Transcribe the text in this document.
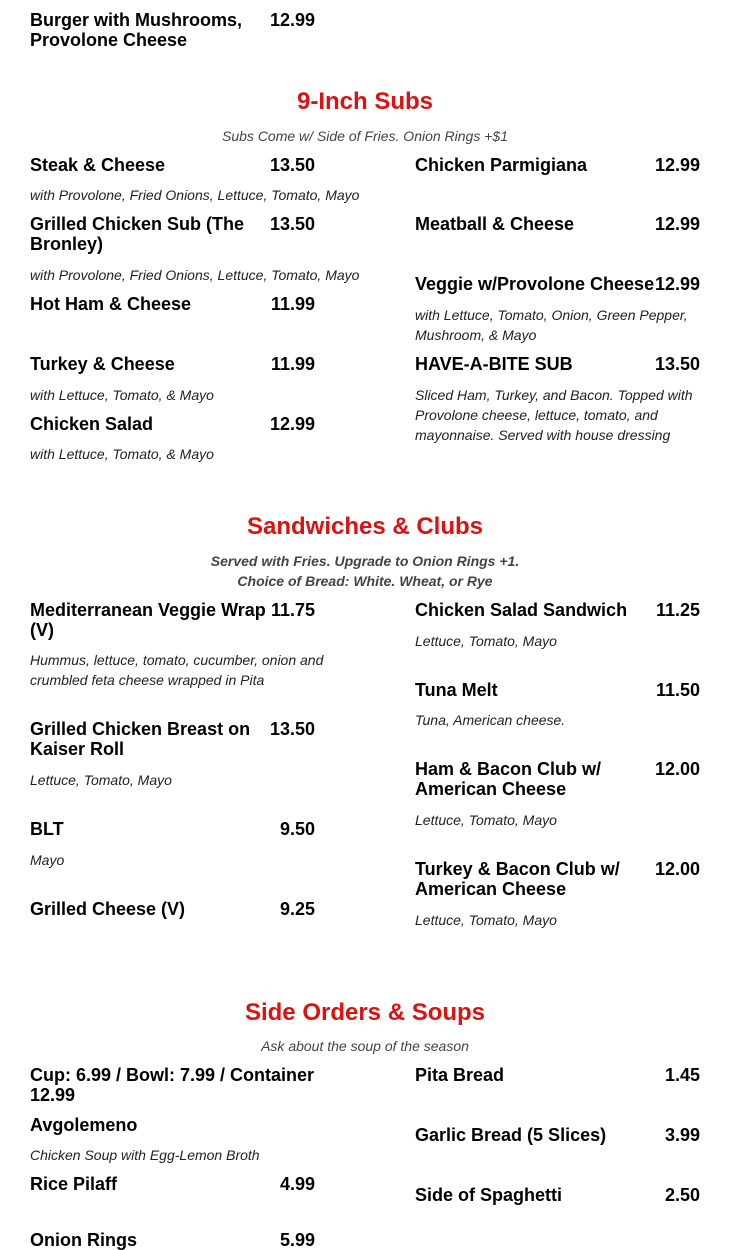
Burger with Mushrooms, Provolone Cheese
12.99
9-Inch Subs
Subs Come w/ Side of Fries. Onion Rings +$1
Steak & Cheese	13.50
with Provolone, Fried Onions, Lettuce, Tomato, Mayo
Grilled Chicken Sub (The Bronley)
13.50
with Provolone, Fried Onions, Lettuce, Tomato, Mayo
Hot Ham & Cheese	11.99
Turkey & Cheese	11.99
with Lettuce, Tomato, & Mayo
Chicken Salad	12.99
with Lettuce, Tomato, & Mayo
Chicken Parmigiana	12.99
Meatball & Cheese	12.99
Veggie w/Provolone Cheese 12.99
with Lettuce, Tomato, Onion, Green Pepper, Mushroom, & Mayo
HAVE-A-BITE SUB	13.50
Sliced Ham, Turkey, and Bacon. Topped with Provolone cheese, lettuce, tomato, and mayonnaise. Served with house dressing
Sandwiches & Clubs
Served with Fries. Upgrade to Onion Rings +1.
Choice of Bread: White. Wheat, or Rye
Mediterranean Veggie Wrap (V)
11.75
Hummus, lettuce, tomato, cucumber, onion and crumbled feta cheese wrapped in Pita
Grilled Chicken Breast on Kaiser Roll
13.50
Lettuce, Tomato, Mayo
BLT	9.50
Mayo
Grilled Cheese (V)	9.25
Chicken Salad Sandwich	11.25
Lettuce, Tomato, Mayo
Tuna Melt	11.50
Tuna, American cheese.
Ham & Bacon Club w/ American Cheese
12.00
Lettuce, Tomato, Mayo
Turkey & Bacon Club w/ American Cheese
12.00
Lettuce, Tomato, Mayo
Side Orders & Soups
Ask about the soup of the season
Cup: 6.99 / Bowl: 7.99 / Container 12.99
Avgolemeno
Chicken Soup with Egg-Lemon Broth
Rice Pilaff	4.99
Onion Rings	5.99
Pita Bread	1.45
Garlic Bread (5 Slices)	3.99
Side of Spaghetti	2.50
